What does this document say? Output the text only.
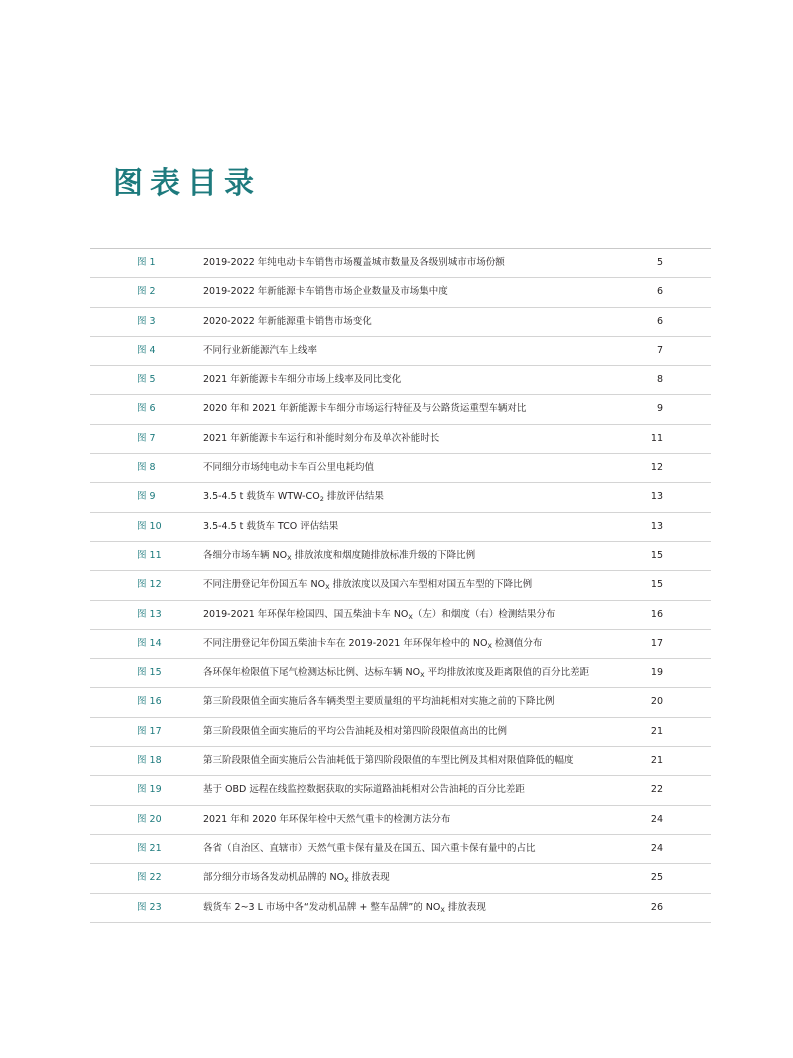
图表目录
图 1	2019-2022 年纯电动卡车销售市场覆盖城市数量及各级别城市市场份额	5
图 2	2019-2022 年新能源卡车销售市场企业数量及市场集中度	6
图 3	2020-2022 年新能源重卡销售市场变化	6
图 4	不同行业新能源汽车上线率	7
图 5	2021 年新能源卡车细分市场上线率及同比变化	8
图 6	2020 年和 2021 年新能源卡车细分市场运行特征及与公路货运重型车辆对比	9
图 7	2021 年新能源卡车运行和补能时刻分布及单次补能时长	11
图 8	不同细分市场纯电动卡车百公里电耗均值	12
图 9	3.5-4.5 t 载货车 WTW-$CO_2$ 排放评估结果	13
图 10	3.5-4.5 t 载货车 TCO 评估结果	13
图 11	各细分市场车辆 $NO_X$ 排放浓度和烟度随排放标准升级的下降比例	15
图 12	不同注册登记年份国五车 $NO_X$ 排放浓度以及国六车型相对国五车型的下降比例	15
图 13	2019-2021 年环保年检国四、国五柴油卡车 $NO_X$（左）和烟度（右）检测结果分布	16
图 14	不同注册登记年份国五柴油卡车在 2019-2021 年环保年检中的 $NO_X$ 检测值分布	17
图 15	各环保年检限值下尾气检测达标比例、达标车辆 $NO_X$ 平均排放浓度及距离限值的百分比差距	19
图 16	第三阶段限值全面实施后各车辆类型主要质量组的平均油耗相对实施之前的下降比例	20
图 17	第三阶段限值全面实施后的平均公告油耗及相对第四阶段限值高出的比例	21
图 18	第三阶段限值全面实施后公告油耗低于第四阶段限值的车型比例及其相对限值降低的幅度	21
图 19	基于 OBD 远程在线监控数据获取的实际道路油耗相对公告油耗的百分比差距	22
图 20	2021 年和 2020 年环保年检中天然气重卡的检测方法分布	24
图 21	各省（自治区、直辖市）天然气重卡保有量及在国五、国六重卡保有量中的占比	24
图 22	部分细分市场各发动机品牌的 $NO_X$ 排放表现	25
图 23	载货车 2~3 L 市场中各“发动机品牌 + 整车品牌”的 $NO_X$ 排放表现	26
